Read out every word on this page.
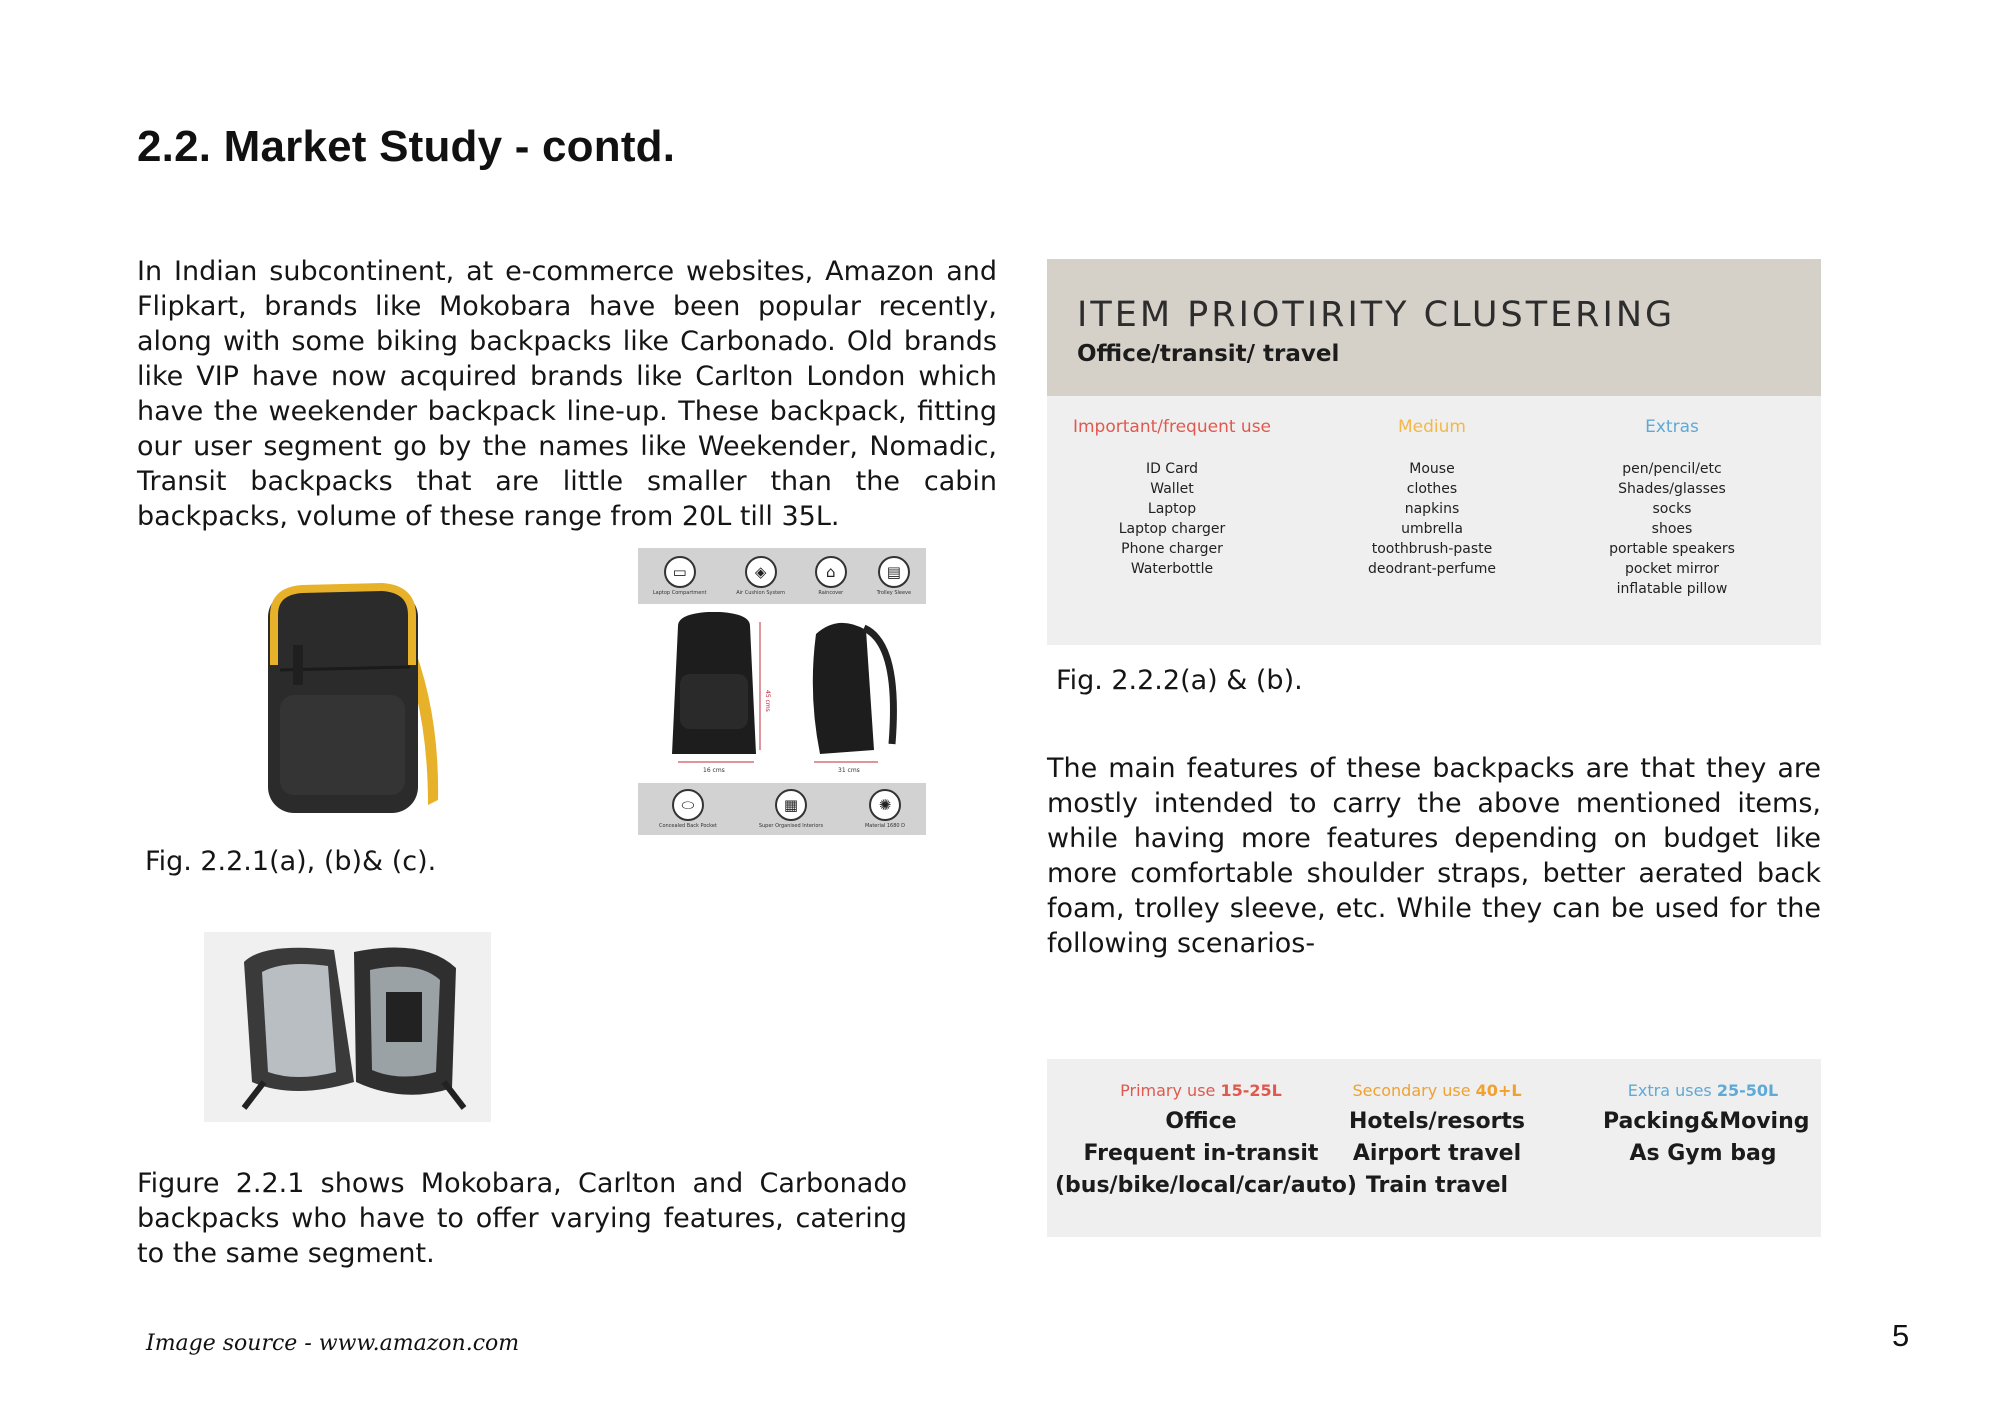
2.2. Market Study - contd.

In Indian subcontinent, at e-commerce websites, Amazon and Flipkart, brands like Mokobara have been popular recently, along with some biking backpacks like Carbonado. Old brands like VIP have now acquired brands like Carlton London which have the weekender backpack line-up. These backpack, fitting our user segment go by the names like Weekender, Nomadic, Transit backpacks that are little smaller than the cabin backpacks, volume of these range from 20L till 35L.

▭
Laptop Compartment
◈
Air Cushion System
⌂
Raincover
▤
Trolley Sleeve
45 cms
16 cms	31 cms
⬭
Concealed Back Pocket
▦
Super Organised Interiors
✺
Material 1680 D

Fig. 2.2.1(a), (b)& (c).

Figure 2.2.1 shows Mokobara, Carlton and Carbonado backpacks who have to offer varying features, catering to the same segment.

ITEM PRIOTIRITY CLUSTERING
Office/transit/ travel
Important/frequent use
ID Card
Wallet
Laptop
Laptop charger
Phone charger
Waterbottle
Medium
Mouse
clothes
napkins
umbrella
toothbrush-paste
deodrant-perfume
Extras
pen/pencil/etc
Shades/glasses
socks
shoes
portable speakers
pocket mirror
inflatable pillow

Fig. 2.2.2(a) & (b).

The main features of these backpacks are that they are mostly intended to carry the above mentioned items, while having more features depending on budget like more comfortable shoulder straps, better aerated back foam, trolley sleeve, etc. While they can be used for the following scenarios-

Primary use 15-25L
Office
Frequent in-transit
(bus/bike/local/car/auto)
Secondary use 40+L
Hotels/resorts
Airport travel
Train travel
Extra uses 25-50L
Packing&Moving
As Gym bag

Image source - www.amazon.com	5
